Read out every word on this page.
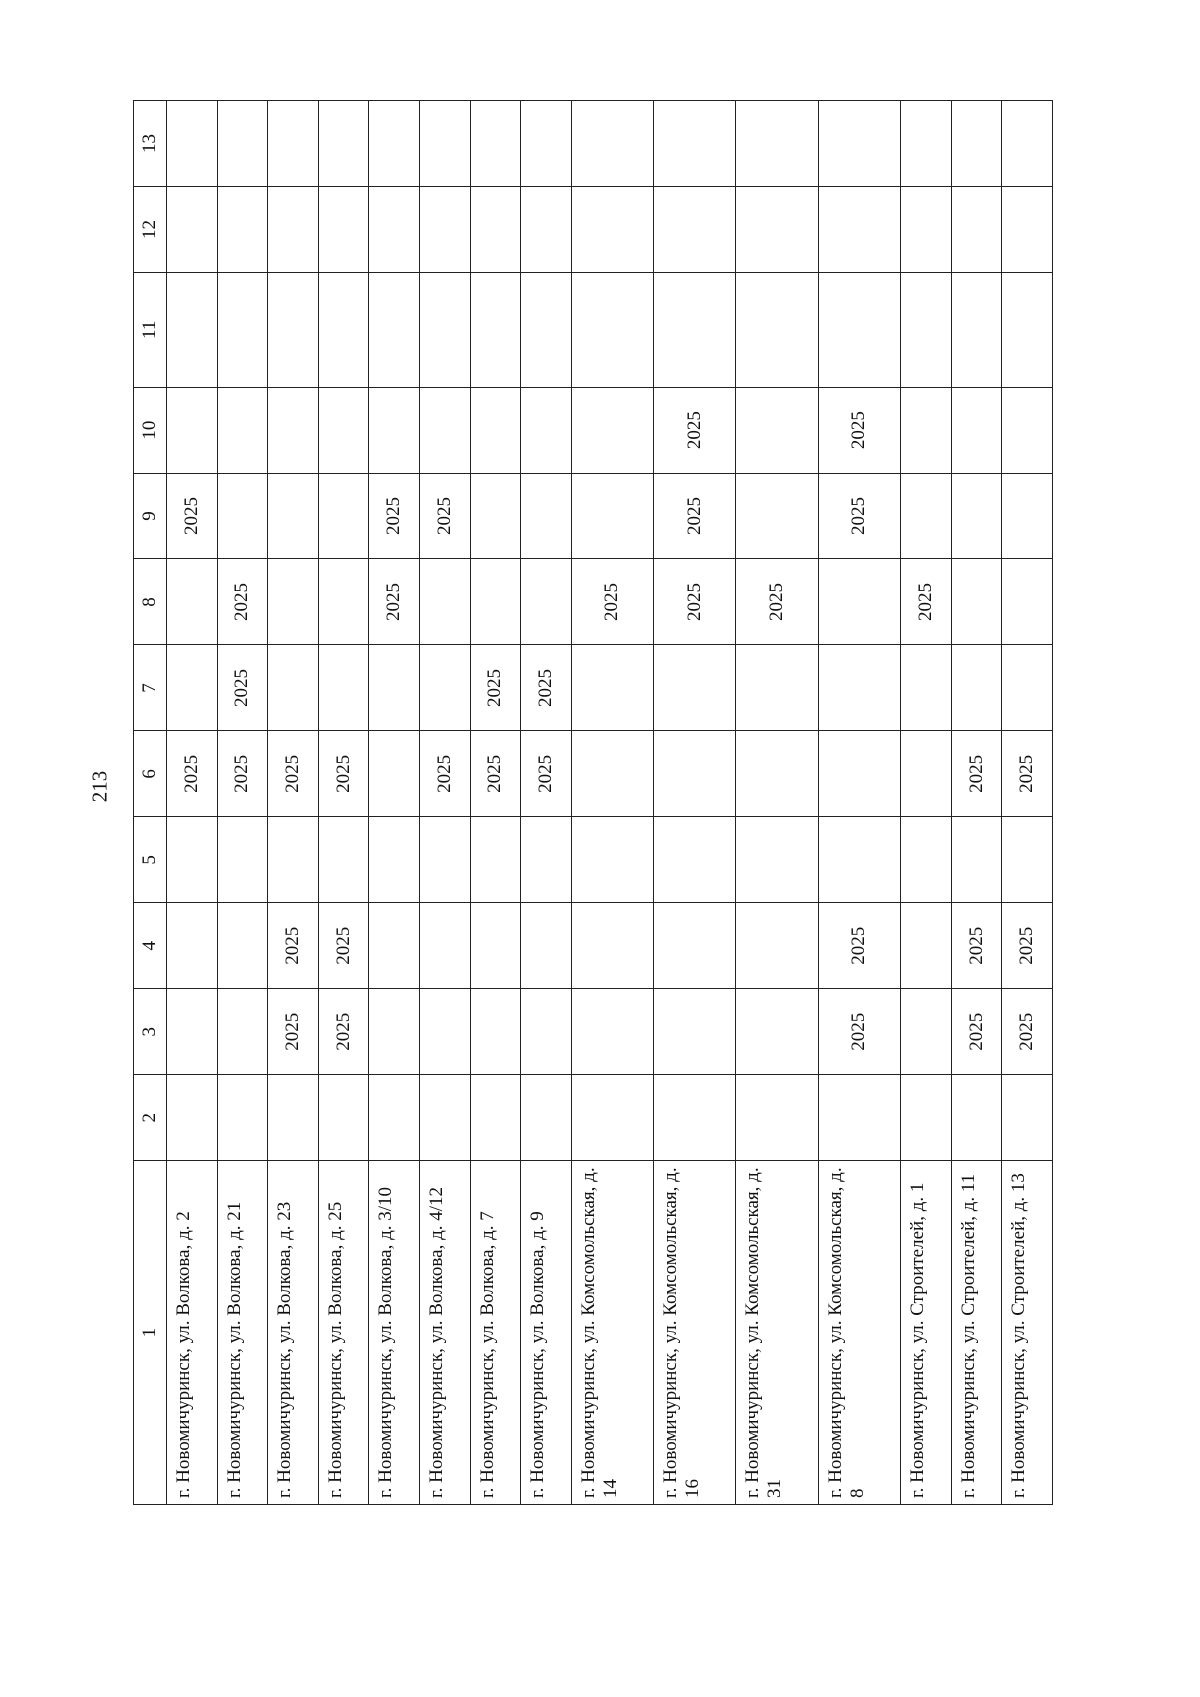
213
1	2	3	4	5	6	7	8	9	10	11	12	13
г. Новомичуринск, ул. Волкова, д. 2					2025			2025				
г. Новомичуринск, ул. Волкова, д. 21					2025	2025	2025					
г. Новомичуринск, ул. Волкова, д. 23		2025	2025		2025							
г. Новомичуринск, ул. Волкова, д. 25		2025	2025		2025							
г. Новомичуринск, ул. Волкова, д. 3/10							2025	2025				
г. Новомичуринск, ул. Волкова, д. 4/12					2025			2025				
г. Новомичуринск, ул. Волкова, д. 7					2025	2025						
г. Новомичуринск, ул. Волкова, д. 9					2025	2025						
г. Новомичуринск, ул. Комсомольская, д. 14							2025					
г. Новомичуринск, ул. Комсомольская, д. 16							2025	2025	2025			
г. Новомичуринск, ул. Комсомольская, д. 31							2025					
г. Новомичуринск, ул. Комсомольская, д. 8		2025	2025					2025	2025			
г. Новомичуринск, ул. Строителей, д. 1							2025					
г. Новомичуринск, ул. Строителей, д. 11		2025	2025		2025							
г. Новомичуринск, ул. Строителей, д. 13		2025	2025		2025							
